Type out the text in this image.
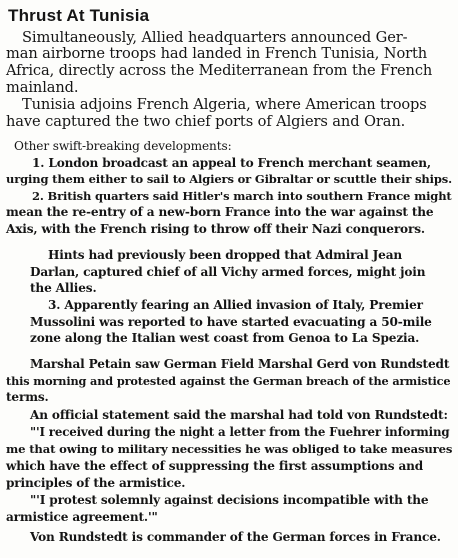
Thrust At Tunisia
Simultaneously, Allied headquarters announced Ger-
man airborne troops had landed in French Tunisia, North
Africa, directly across the Mediterranean from the French
mainland.
Tunisia adjoins French Algeria, where American troops
have captured the two chief ports of Algiers and Oran.
Other swift-breaking developments:
1. London broadcast an appeal to French merchant seamen,
urging them either to sail to Algiers or Gibraltar or scuttle their ships.
2. British quarters said Hitler's march into southern France might
mean the re-entry of a new-born France into the war against the
Axis, with the French rising to throw off their Nazi conquerors.
Hints had previously been dropped that Admiral Jean
Darlan, captured chief of all Vichy armed forces, might join
the Allies.
3. Apparently fearing an Allied invasion of Italy, Premier
Mussolini was reported to have started evacuating a 50-mile
zone along the Italian west coast from Genoa to La Spezia.
Marshal Petain saw German Field Marshal Gerd von Rundstedt
this morning and protested against the German breach of the armistice
terms.
An official statement said the marshal had told von Rundstedt:
"'I received during the night a letter from the Fuehrer informing
me that owing to military necessities he was obliged to take measures
which have the effect of suppressing the first assumptions and
principles of the armistice.
"'I protest solemnly against decisions incompatible with the
armistice agreement.'"
Von Rundstedt is commander of the German forces in France.
